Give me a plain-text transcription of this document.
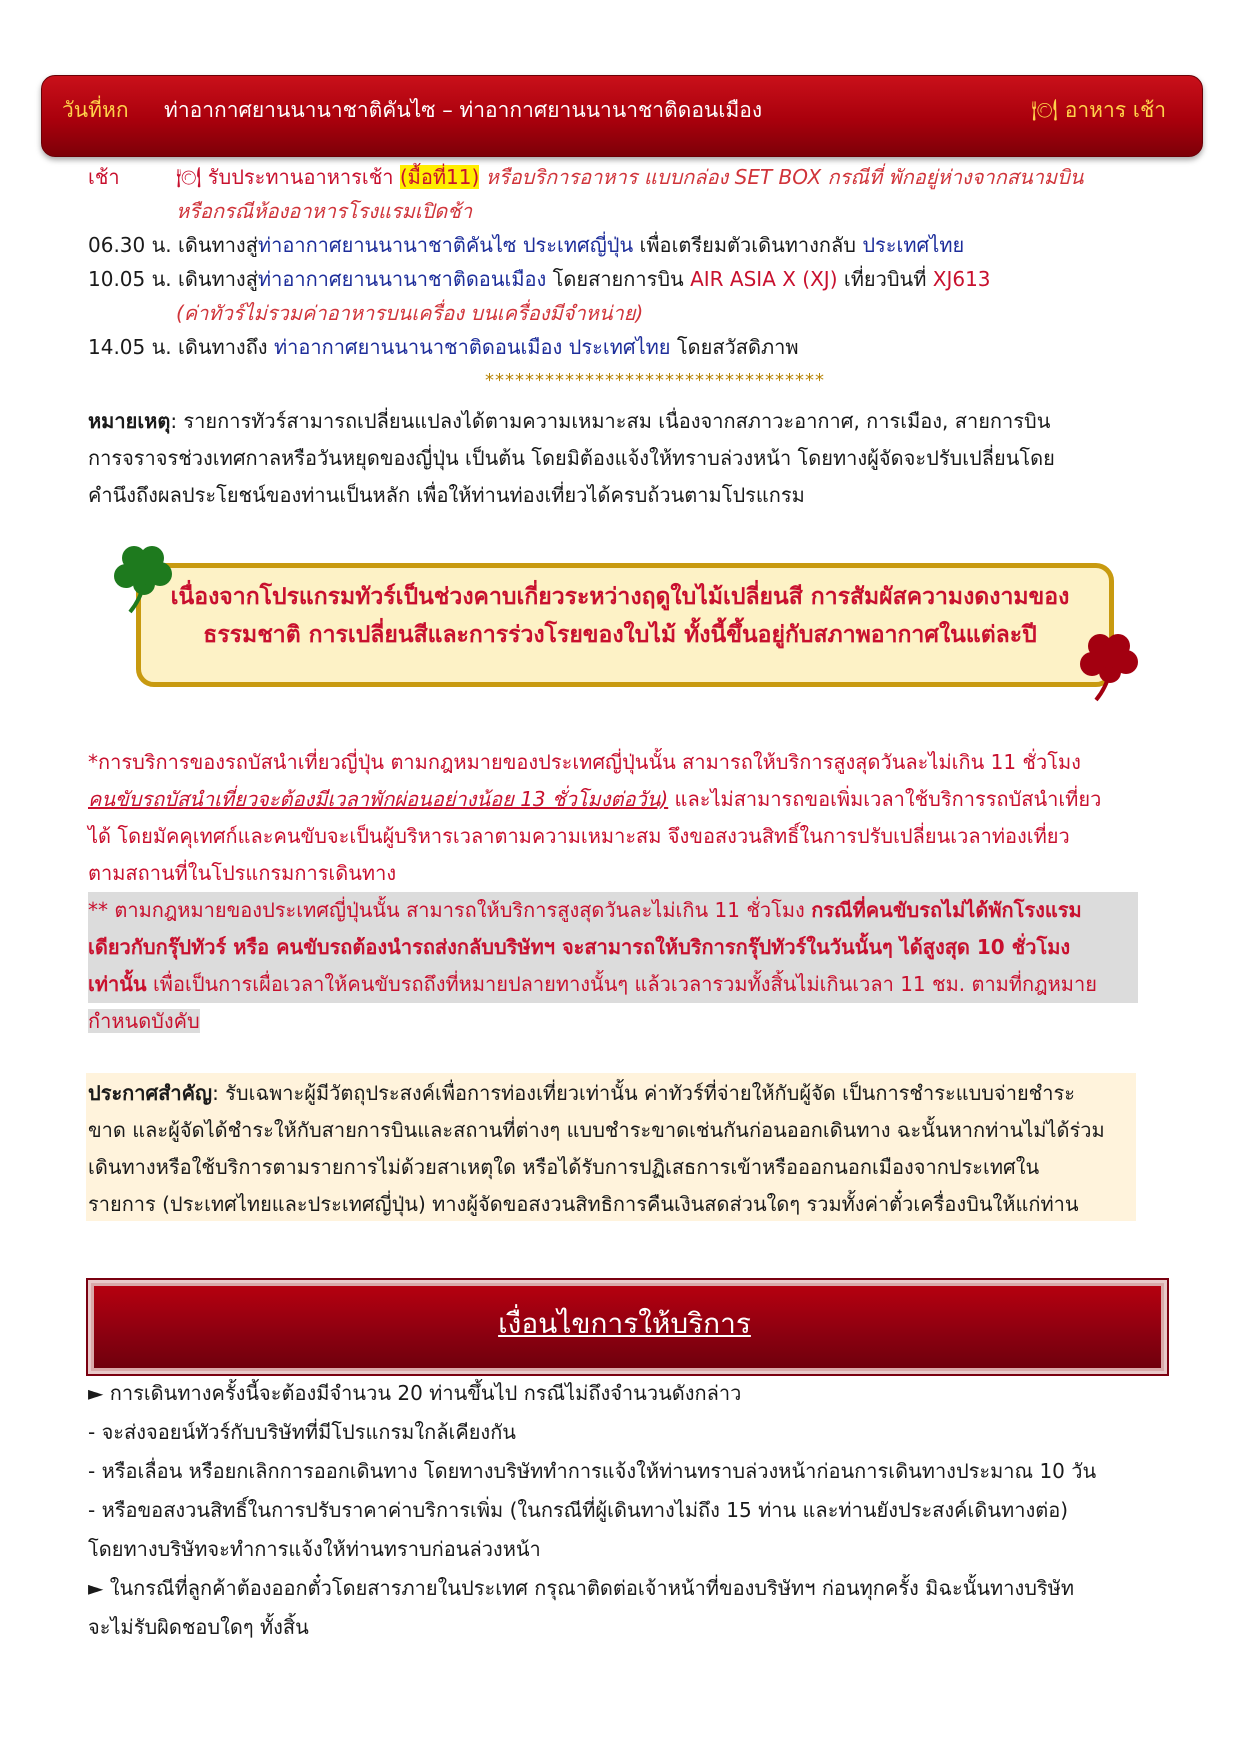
วันที่หก ท่าอากาศยานนานาชาติคันไซ – ท่าอากาศยานนานาชาติดอนเมือง	🍽 อาหาร เช้า
เช้า	🍽 รับประทานอาหารเช้า (มื้อที่11) หรือบริการอาหาร แบบกล่อง SET BOX กรณีที่ พักอยู่ห่างจากสนามบิน
หรือกรณีห้องอาหารโรงแรมเปิดช้า
06.30 น. เดินทางสู่ท่าอากาศยานนานาชาติคันไซ ประเทศญี่ปุ่น เพื่อเตรียมตัวเดินทางกลับ ประเทศไทย
10.05 น. เดินทางสู่ท่าอากาศยานนานาชาติดอนเมือง โดยสายการบิน AIR ASIA X (XJ) เที่ยวบินที่ XJ613
(ค่าทัวร์ไม่รวมค่าอาหารบนเครื่อง บนเครื่องมีจำหน่าย)
14.05 น. เดินทางถึง ท่าอากาศยานนานาชาติดอนเมือง ประเทศไทย โดยสวัสดิภาพ
**********************************
หมายเหตุ: รายการทัวร์สามารถเปลี่ยนแปลงได้ตามความเหมาะสม เนื่องจากสภาวะอากาศ, การเมือง, สายการบิน
การจราจรช่วงเทศกาลหรือวันหยุดของญี่ปุ่น เป็นต้น โดยมิต้องแจ้งให้ทราบล่วงหน้า โดยทางผู้จัดจะปรับเปลี่ยนโดย
คำนึงถึงผลประโยชน์ของท่านเป็นหลัก เพื่อให้ท่านท่องเที่ยวได้ครบถ้วนตามโปรแกรม
เนื่องจากโปรแกรมทัวร์เป็นช่วงคาบเกี่ยวระหว่างฤดูใบไม้เปลี่ยนสี การสัมผัสความงดงามของ
ธรรมชาติ การเปลี่ยนสีและการร่วงโรยของใบไม้ ทั้งนี้ขึ้นอยู่กับสภาพอากาศในแต่ละปี
*การบริการของรถบัสนำเที่ยวญี่ปุ่น ตามกฎหมายของประเทศญี่ปุ่นนั้น สามารถให้บริการสูงสุดวันละไม่เกิน 11 ชั่วโมง
คนขับรถบัสนำเที่ยวจะต้องมีเวลาพักผ่อนอย่างน้อย 13 ชั่วโมงต่อวัน) และไม่สามารถขอเพิ่มเวลาใช้บริการรถบัสนำเที่ยว
ได้ โดยมัคคุเทศก์และคนขับจะเป็นผู้บริหารเวลาตามความเหมาะสม จึงขอสงวนสิทธิ์ในการปรับเปลี่ยนเวลาท่องเที่ยว
ตามสถานที่ในโปรแกรมการเดินทาง
** ตามกฎหมายของประเทศญี่ปุ่นนั้น สามารถให้บริการสูงสุดวันละไม่เกิน 11 ชั่วโมง กรณีที่คนขับรถไม่ได้พักโรงแรม
เดียวกับกรุ๊ปทัวร์ หรือ คนขับรถต้องนำรถส่งกลับบริษัทฯ จะสามารถให้บริการกรุ๊ปทัวร์ในวันนั้นๆ ได้สูงสุด 10 ชั่วโมง
เท่านั้น เพื่อเป็นการเผื่อเวลาให้คนขับรถถึงที่หมายปลายทางนั้นๆ แล้วเวลารวมทั้งสิ้นไม่เกินเวลา 11 ชม. ตามที่กฎหมาย
กำหนดบังคับ
ประกาศสำคัญ: รับเฉพาะผู้มีวัตถุประสงค์เพื่อการท่องเที่ยวเท่านั้น ค่าทัวร์ที่จ่ายให้กับผู้จัด เป็นการชำระแบบจ่ายชำระ
ขาด และผู้จัดได้ชำระให้กับสายการบินและสถานที่ต่างๆ แบบชำระขาดเช่นกันก่อนออกเดินทาง ฉะนั้นหากท่านไม่ได้ร่วม
เดินทางหรือใช้บริการตามรายการไม่ด้วยสาเหตุใด หรือได้รับการปฏิเสธการเข้าหรือออกนอกเมืองจากประเทศใน
รายการ (ประเทศไทยและประเทศญี่ปุ่น) ทางผู้จัดขอสงวนสิทธิการคืนเงินสดส่วนใดๆ รวมทั้งค่าตั๋วเครื่องบินให้แก่ท่าน
เงื่อนไขการให้บริการ
► การเดินทางครั้งนี้จะต้องมีจำนวน 20 ท่านขึ้นไป กรณีไม่ถึงจำนวนดังกล่าว
- จะส่งจอยน์ทัวร์กับบริษัทที่มีโปรแกรมใกล้เคียงกัน
- หรือเลื่อน หรือยกเลิกการออกเดินทาง โดยทางบริษัททำการแจ้งให้ท่านทราบล่วงหน้าก่อนการเดินทางประมาณ 10 วัน
- หรือขอสงวนสิทธิ์ในการปรับราคาค่าบริการเพิ่ม (ในกรณีที่ผู้เดินทางไม่ถึง 15 ท่าน และท่านยังประสงค์เดินทางต่อ)
โดยทางบริษัทจะทำการแจ้งให้ท่านทราบก่อนล่วงหน้า
► ในกรณีที่ลูกค้าต้องออกตั๋วโดยสารภายในประเทศ กรุณาติดต่อเจ้าหน้าที่ของบริษัทฯ ก่อนทุกครั้ง มิฉะนั้นทางบริษัท
จะไม่รับผิดชอบใดๆ ทั้งสิ้น
